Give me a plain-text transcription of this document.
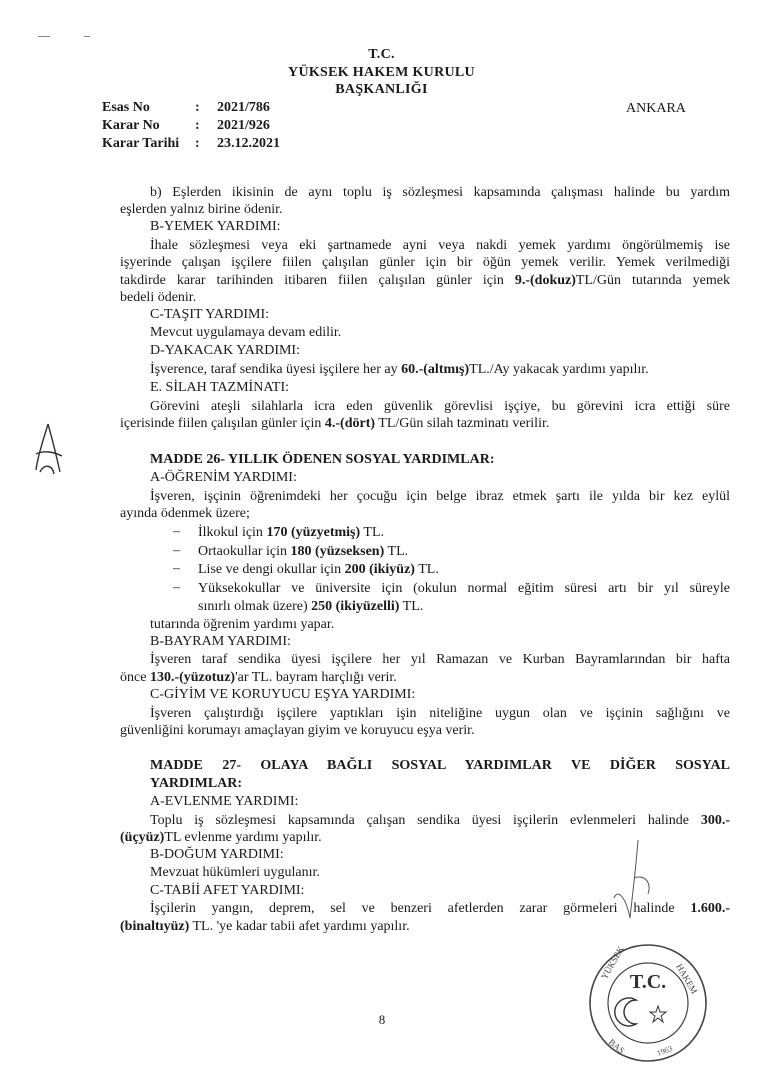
T.C.
YÜKSEK HAKEM KURULU
BAŞKANLIĞI
Esas No	: 2021/786
Karar No	: 2021/926
Karar Tarihi : 23.12.2021
ANKARA
b) Eşlerden ikisinin de aynı toplu iş sözleşmesi kapsamında çalışması halinde bu yardım
eşlerden yalnız birine ödenir.
B-YEMEK YARDIMI:
İhale sözleşmesi veya eki şartnamede ayni veya nakdi yemek yardımı öngörülmemiş ise
işyerinde çalışan işçilere fiilen çalışılan günler için bir öğün yemek verilir. Yemek verilmediği
takdirde karar tarihinden itibaren fiilen çalışılan günler için 9.-(dokuz)TL/Gün tutarında yemek
bedeli ödenir.
C-TAŞIT YARDIMI:
Mevcut uygulamaya devam edilir.
D-YAKACAK YARDIMI:
İşverence, taraf sendika üyesi işçilere her ay 60.-(altmış)TL./Ay yakacak yardımı yapılır.
E. SİLAH TAZMİNATI:
Görevini ateşli silahlarla icra eden güvenlik görevlisi işçiye, bu görevini icra ettiği süre
içerisinde fiilen çalışılan günler için 4.-(dört) TL/Gün silah tazminatı verilir.
MADDE 26- YILLIK ÖDENEN SOSYAL YARDIMLAR:
A-ÖĞRENİM YARDIMI:
İşveren, işçinin öğrenimdeki her çocuğu için belge ibraz etmek şartı ile yılda bir kez eylül
ayında ödenmek üzere;
– İlkokul için 170 (yüzyetmiş) TL.
– Ortaokullar için 180 (yüzseksen) TL.
– Lise ve dengi okullar için 200 (ikiyüz) TL.
– Yüksekokullar ve üniversite için (okulun normal eğitim süresi artı bir yıl süreyle
sınırlı olmak üzere) 250 (ikiyüzelli) TL.
tutarında öğrenim yardımı yapar.
B-BAYRAM YARDIMI:
İşveren taraf sendika üyesi işçilere her yıl Ramazan ve Kurban Bayramlarından bir hafta
önce 130.-(yüzotuz)'ar TL. bayram harçlığı verir.
C-GİYİM VE KORUYUCU EŞYA YARDIMI:
İşveren çalıştırdığı işçilere yaptıkları işin niteliğine uygun olan ve işçinin sağlığını ve
güvenliğini korumayı amaçlayan giyim ve koruyucu eşya verir.
MADDE 27- OLAYA BAĞLI SOSYAL YARDIMLAR VE DİĞER SOSYAL
YARDIMLAR:
A-EVLENME YARDIMI:
Toplu iş sözleşmesi kapsamında çalışan sendika üyesi işçilerin evlenmeleri halinde 300.-
(üçyüz)TL evlenme yardımı yapılır.
B-DOĞUM YARDIMI:
Mevzuat hükümleri uygulanır.
C-TABİİ AFET YARDIMI:
İşçilerin yangın, deprem, sel ve benzeri afetlerden zarar görmeleri halinde 1.600.-
(binaltıyüz) TL. 'ye kadar tabii afet yardımı yapılır.
8
T.C.
YÜKSEK	HAKEM
BAŞ	1963
